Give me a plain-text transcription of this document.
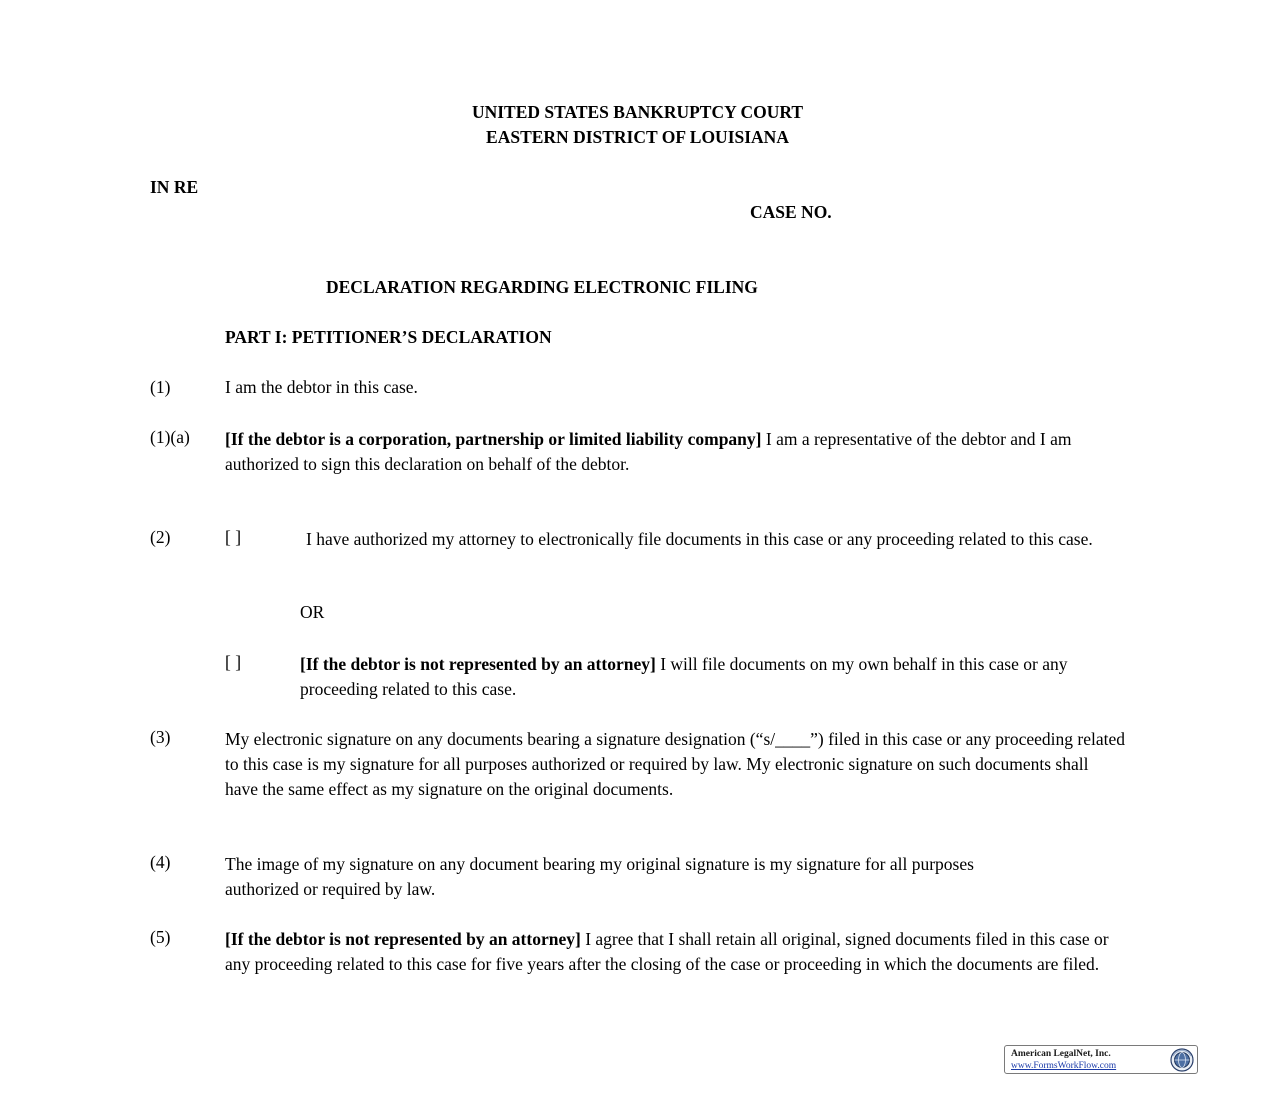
UNITED STATES BANKRUPTCY COURT
EASTERN DISTRICT OF LOUISIANA
IN RE
CASE NO.
DECLARATION REGARDING ELECTRONIC FILING
PART I: PETITIONER’S DECLARATION
(1)	I am the debtor in this case.
(1)(a) [If the debtor is a corporation, partnership or limited liability company] I am a representative of the debtor and I am authorized to sign this declaration on behalf of the debtor.
(2)	[ ]	I have authorized my attorney to electronically file documents in this case or any proceeding related to this case.
OR
[ ]	[If the debtor is not represented by an attorney] I will file documents on my own behalf in this case or any proceeding related to this case.
(3)	My electronic signature on any documents bearing a signature designation (“s/____”) filed in this case or any proceeding related to this case is my signature for all purposes authorized or required by law. My electronic signature on such documents shall have the same effect as my signature on the original documents.
(4)	The image of my signature on any document bearing my original signature is my signature for all purposes authorized or required by law.
(5)	[If the debtor is not represented by an attorney] I agree that I shall retain all original, signed documents filed in this case or any proceeding related to this case for five years after the closing of the case or proceeding in which the documents are filed.
American LegalNet, Inc.
www.FormsWorkFlow.com
